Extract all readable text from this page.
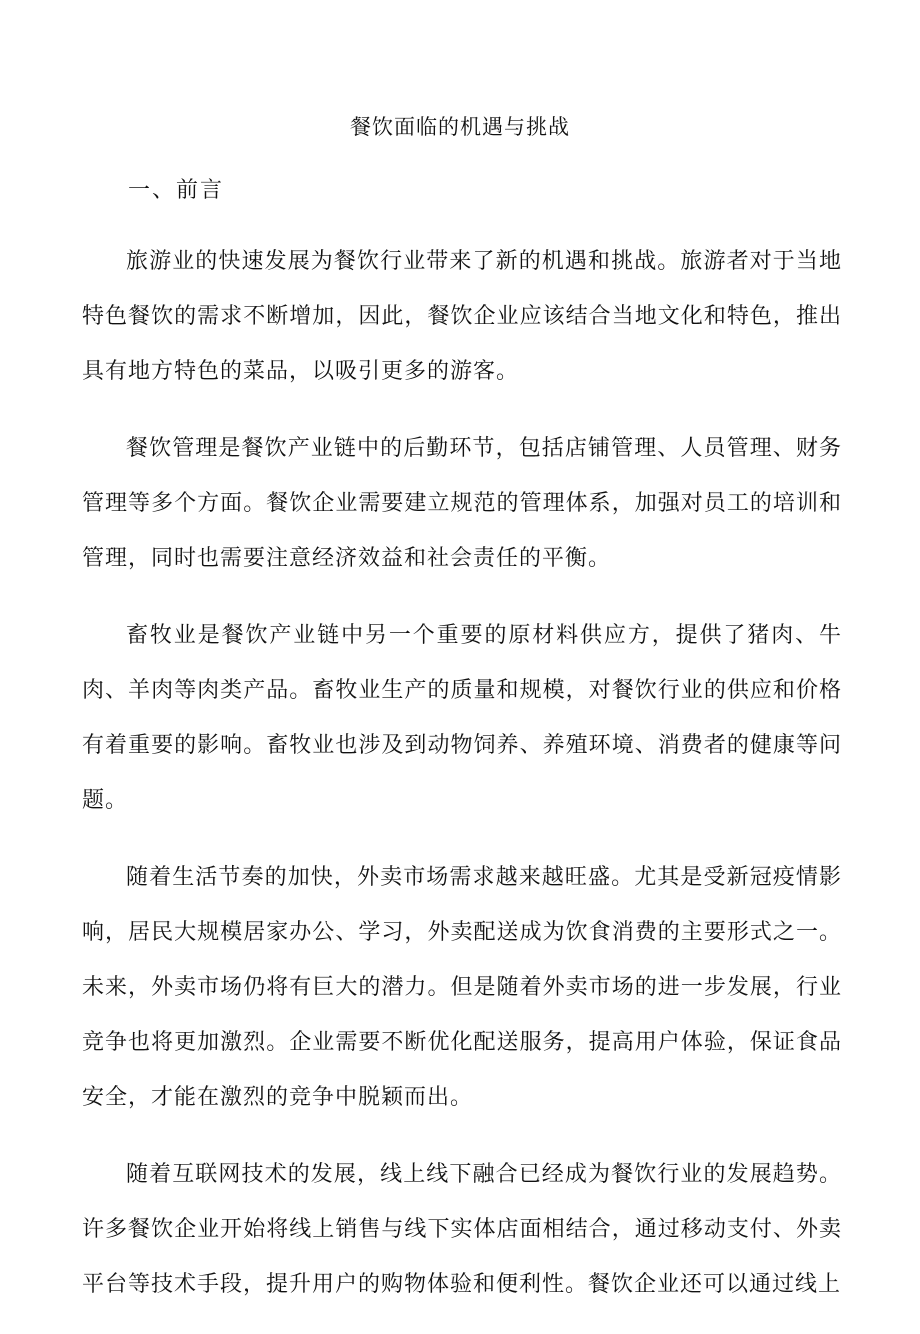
餐饮面临的机遇与挑战
一、前言

旅游业的快速发展为餐饮行业带来了新的机遇和挑战。旅游者对于当地特色餐饮的需求不断增加，因此，餐饮企业应该结合当地文化和特色，推出具有地方特色的菜品，以吸引更多的游客。

餐饮管理是餐饮产业链中的后勤环节，包括店铺管理、人员管理、财务管理等多个方面。餐饮企业需要建立规范的管理体系，加强对员工的培训和管理，同时也需要注意经济效益和社会责任的平衡。

畜牧业是餐饮产业链中另一个重要的原材料供应方，提供了猪肉、牛肉、羊肉等肉类产品。畜牧业生产的质量和规模，对餐饮行业的供应和价格有着重要的影响。畜牧业也涉及到动物饲养、养殖环境、消费者的健康等问题。

随着生活节奏的加快，外卖市场需求越来越旺盛。尤其是受新冠疫情影响，居民大规模居家办公、学习，外卖配送成为饮食消费的主要形式之一。未来，外卖市场仍将有巨大的潜力。但是随着外卖市场的进一步发展，行业竞争也将更加激烈。企业需要不断优化配送服务，提高用户体验，保证食品安全，才能在激烈的竞争中脱颖而出。

随着互联网技术的发展，线上线下融合已经成为餐饮行业的发展趋势。许多餐饮企业开始将线上销售与线下实体店面相结合，通过移动支付、外卖平台等技术手段，提升用户的购物体验和便利性。餐饮企业还可以通过线上
